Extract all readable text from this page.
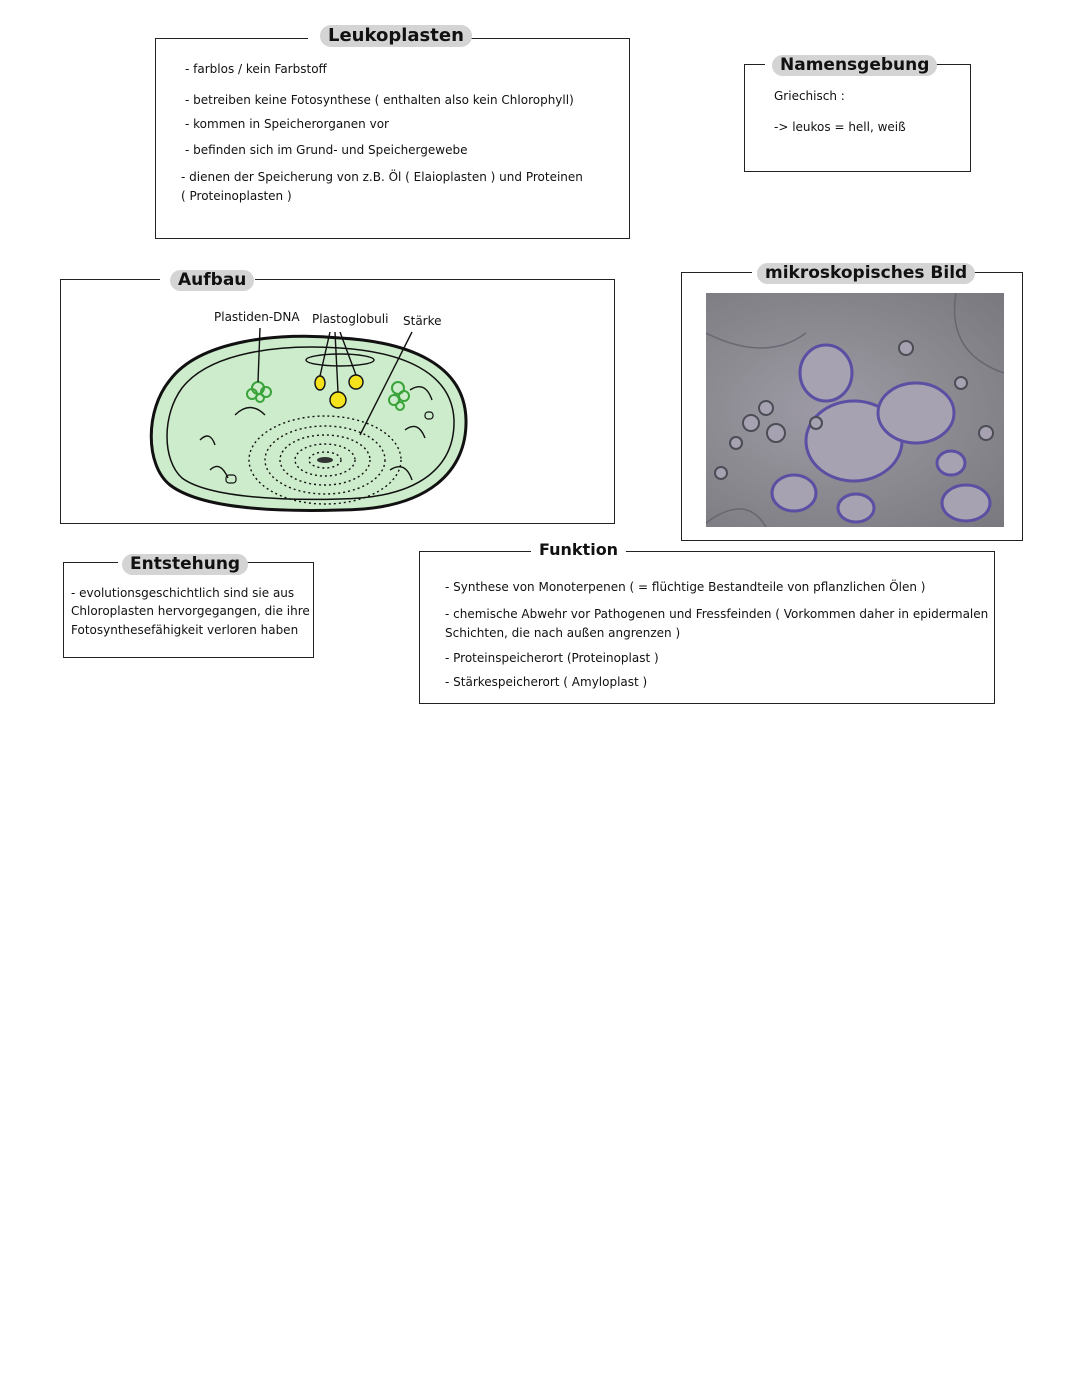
Leukoplasten
- farblos / kein Farbstoff
- betreiben keine Fotosynthese ( enthalten also kein Chlorophyll)
- kommen in Speicherorganen vor
- befinden sich im Grund- und Speichergewebe
- dienen der Speicherung von z.B. Öl ( Elaioplasten ) und Proteinen
( Proteinoplasten )
Namensgebung
Griechisch :
-> leukos = hell, weiß
Aufbau
Plastiden-DNA Plastoglobuli Stärke
mikroskopisches Bild
Entstehung
- evolutionsgeschichtlich sind sie aus
Chloroplasten hervorgegangen, die ihre
Fotosynthesefähigkeit verloren haben
Funktion
- Synthese von Monoterpenen ( = flüchtige Bestandteile von pflanzlichen Ölen )
- chemische Abwehr vor Pathogenen und Fressfeinden ( Vorkommen daher in epidermalen
Schichten, die nach außen angrenzen )
- Proteinspeicherort (Proteinoplast )
- Stärkespeicherort ( Amyloplast )
